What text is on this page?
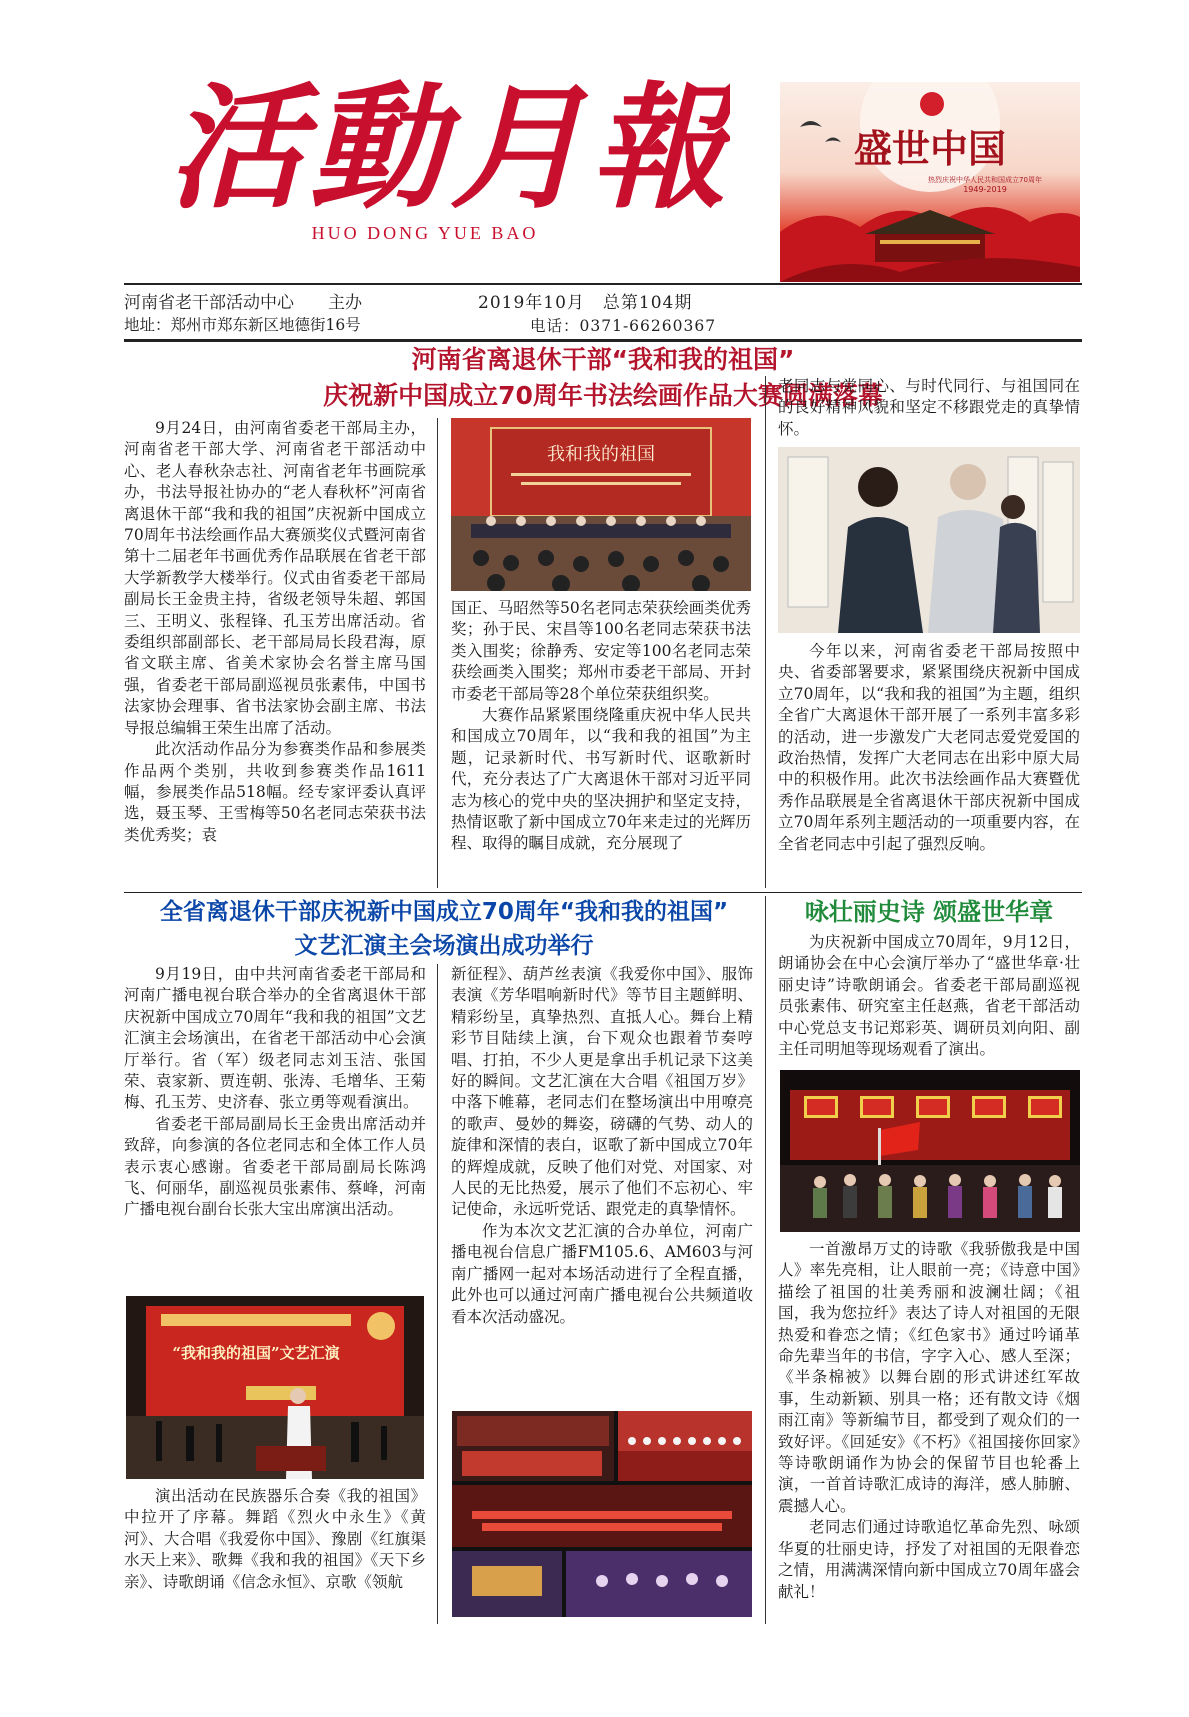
活動月報
HUO DONG YUE BAO
盛世中国
热烈庆祝中华人民共和国成立70周年
1949-2019
河南省老干部活动中心　　主办	2019年10月　总第104期
地址：郑州市郑东新区地德街16号	电话：0371-66260367
河南省离退休干部“我和我的祖国”
庆祝新中国成立70周年书法绘画作品大赛圆满落幕

9月24日，由河南省委老干部局主办，河南省老干部大学、河南省老干部活动中心、老人春秋杂志社、河南省老年书画院承办，书法导报社协办的“老人春秋杯”河南省离退休干部“我和我的祖国”庆祝新中国成立70周年书法绘画作品大赛颁奖仪式暨河南省第十二届老年书画优秀作品联展在省老干部大学新教学大楼举行。仪式由省委老干部局副局长王金贵主持，省级老领导朱超、郭国三、王明义、张程锋、孔玉芳出席活动。省委组织部副部长、老干部局局长段君海，原省文联主席、省美术家协会名誉主席马国强，省委老干部局副巡视员张素伟，中国书法家协会理事、省书法家协会副主席、书法导报总编辑王荣生出席了活动。

此次活动作品分为参赛类作品和参展类作品两个类别，共收到参赛类作品1611幅，参展类作品518幅。经专家评委认真评选，聂玉琴、王雪梅等50名老同志荣获书法类优秀奖；袁

我和我的祖国

国正、马昭然等50名老同志荣获绘画类优秀奖；孙于民、宋昌等100名老同志荣获书法类入围奖；徐静秀、安定等100名老同志荣获绘画类入围奖；郑州市委老干部局、开封市委老干部局等28个单位荣获组织奖。

大赛作品紧紧围绕隆重庆祝中华人民共和国成立70周年，以“我和我的祖国”为主题，记录新时代、书写新时代、讴歌新时代，充分表达了广大离退休干部对习近平同志为核心的党中央的坚决拥护和坚定支持，热情讴歌了新中国成立70年来走过的光辉历程、取得的瞩目成就，充分展现了

老同志与党同心、与时代同行、与祖国同在的良好精神风貌和坚定不移跟党走的真挚情怀。

今年以来，河南省委老干部局按照中央、省委部署要求，紧紧围绕庆祝新中国成立70周年，以“我和我的祖国”为主题，组织全省广大离退休干部开展了一系列丰富多彩的活动，进一步激发广大老同志爱党爱国的政治热情，发挥广大老同志在出彩中原大局中的积极作用。此次书法绘画作品大赛暨优秀作品联展是全省离退休干部庆祝新中国成立70周年系列主题活动的一项重要内容，在全省老同志中引起了强烈反响。

全省离退休干部庆祝新中国成立70周年“我和我的祖国”
文艺汇演主会场演出成功举行

9月19日，由中共河南省委老干部局和河南广播电视台联合举办的全省离退休干部庆祝新中国成立70周年“我和我的祖国”文艺汇演主会场演出，在省老干部活动中心会演厅举行。省（军）级老同志刘玉洁、张国荣、袁家新、贾连朝、张涛、毛增华、王菊梅、孔玉芳、史济春、张立勇等观看演出。

省委老干部局副局长王金贵出席活动并致辞，向参演的各位老同志和全体工作人员表示衷心感谢。省委老干部局副局长陈鸿飞、何丽华，副巡视员张素伟、蔡峰，河南广播电视台副台长张大宝出席演出活动。

“我和我的祖国”文艺汇演

演出活动在民族器乐合奏《我的祖国》中拉开了序幕。舞蹈《烈火中永生》《黄河》、大合唱《我爱你中国》、豫剧《红旗渠水天上来》、歌舞《我和我的祖国》《天下乡亲》、诗歌朗诵《信念永恒》、京歌《领航

新征程》、葫芦丝表演《我爱你中国》、服饰表演《芳华唱响新时代》等节目主题鲜明、精彩纷呈，真挚热烈、直抵人心。舞台上精彩节目陆续上演，台下观众也跟着节奏哼唱、打拍，不少人更是拿出手机记录下这美好的瞬间。文艺汇演在大合唱《祖国万岁》中落下帷幕，老同志们在整场演出中用嘹亮的歌声、曼妙的舞姿，磅礴的气势、动人的旋律和深情的表白，讴歌了新中国成立70年的辉煌成就，反映了他们对党、对国家、对人民的无比热爱，展示了他们不忘初心、牢记使命，永远听党话、跟党走的真挚情怀。

作为本次文艺汇演的合办单位，河南广播电视台信息广播FM105.6、AM603与河南广播网一起对本场活动进行了全程直播，此外也可以通过河南广播电视台公共频道收看本次活动盛况。

咏壮丽史诗 颂盛世华章

为庆祝新中国成立70周年，9月12日，朗诵协会在中心会演厅举办了“盛世华章·壮丽史诗”诗歌朗诵会。省委老干部局副巡视员张素伟、研究室主任赵燕，省老干部活动中心党总支书记郑彩英、调研员刘向阳、副主任司明旭等现场观看了演出。

一首激昂万丈的诗歌《我骄傲我是中国人》率先亮相，让人眼前一亮；《诗意中国》描绘了祖国的壮美秀丽和波澜壮阔；《祖国，我为您拉纤》表达了诗人对祖国的无限热爱和眷恋之情；《红色家书》通过吟诵革命先辈当年的书信，字字入心、感人至深；《半条棉被》以舞台剧的形式讲述红军故事，生动新颖、别具一格；还有散文诗《烟雨江南》等新编节目，都受到了观众们的一致好评。《回延安》《不朽》《祖国接你回家》等诗歌朗诵作为协会的保留节目也轮番上演，一首首诗歌汇成诗的海洋，感人肺腑、震撼人心。

老同志们通过诗歌追忆革命先烈、咏颂华夏的壮丽史诗，抒发了对祖国的无限眷恋之情，用满满深情向新中国成立70周年盛会献礼！
